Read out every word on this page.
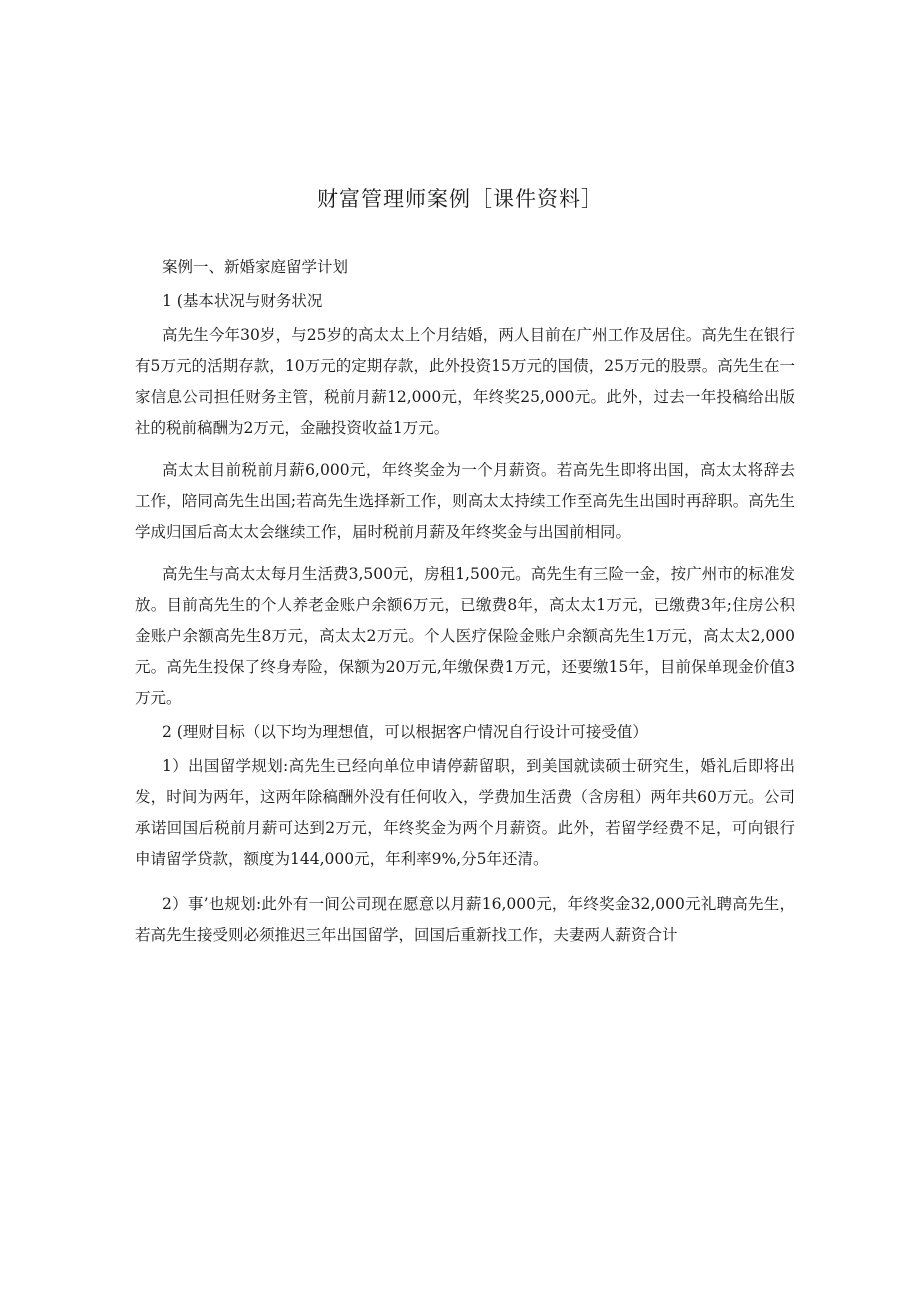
财富管理师案例［课件资料］

案例一、新婚家庭留学计划

1 (基本状况与财务状况

高先生今年30岁，与25岁的高太太上个月结婚，两人目前在广州工作及居住。高先生在银行有5万元的活期存款，10万元的定期存款，此外投资15万元的国债，25万元的股票。高先生在一家信息公司担任财务主管，税前月薪12,000元，年终奖25,000元。此外，过去一年投稿给出版社的税前稿酬为2万元，金融投资收益1万元。

高太太目前税前月薪6,000元，年终奖金为一个月薪资。若高先生即将出国，高太太将辞去工作，陪同高先生出国;若高先生选择新工作，则高太太持续工作至高先生出国时再辞职。高先生学成归国后高太太会继续工作，届时税前月薪及年终奖金与出国前相同。

高先生与高太太每月生活费3,500元，房租1,500元。高先生有三险一金，按广州市的标准发放。目前高先生的个人养老金账户余额6万元，已缴费8年，高太太1万元，已缴费3年;住房公积金账户余额高先生8万元，高太太2万元。个人医疗保险金账户余额高先生1万元，高太太2,000元。高先生投保了终身寿险，保额为20万元,年缴保费1万元，还要缴15年，目前保单现金价值3万元。

2 (理财目标（以下均为理想值，可以根据客户情况自行设计可接受值）

1）出国留学规划:高先生已经向单位申请停薪留职，到美国就读硕士研究生，婚礼后即将出发，时间为两年，这两年除稿酬外没有任何收入，学费加生活费（含房租）两年共60万元。公司承诺回国后税前月薪可达到2万元，年终奖金为两个月薪资。此外，若留学经费不足，可向银行申请留学贷款，额度为144,000元，年利率9%,分5年还清。

2）事’也规划:此外有一间公司现在愿意以月薪16,000元，年终奖金32,000元礼聘高先生，若高先生接受则必须推迟三年出国留学，回国后重新找工作，夫妻两人薪资合计
